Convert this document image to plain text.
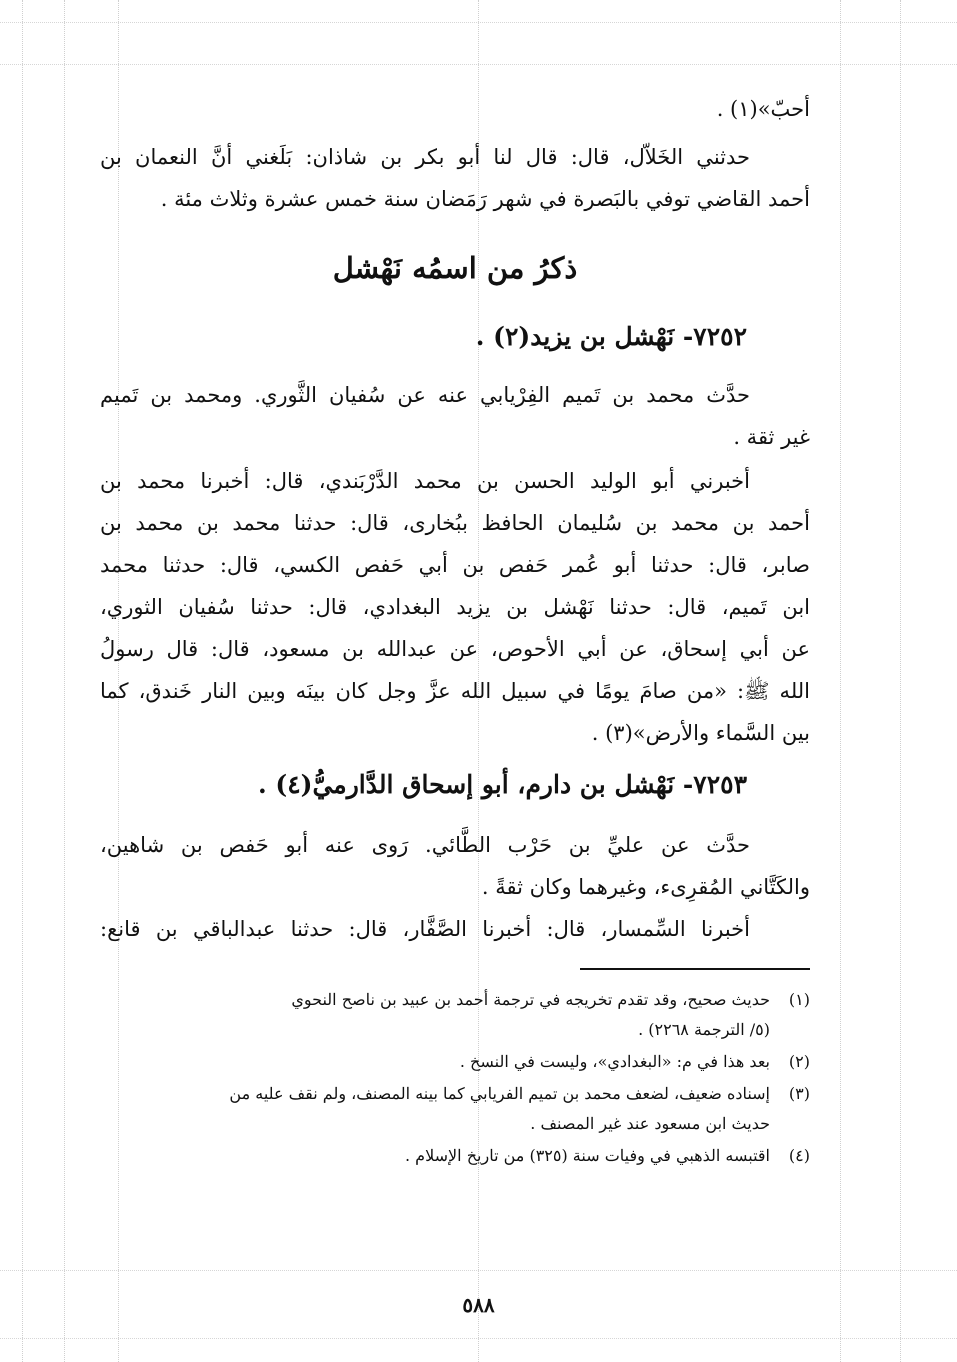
أحبّ»(١) .
حدثني الخَلاّل، قال: قال لنا أبو بكر بن شاذان: بَلَغني أنَّ النعمان بن
أحمد القاضي توفي بالبَصرة في شهر رَمَضان سنة خمس عشرة وثلاث مئة .
ذكرُ من اسمُه نَهْشل
٧٢٥٢- نَهْشل بن يزيد(٢) .
حدَّث محمد بن تَميم الفِرْيابي عنه عن سُفيان الثَّوري. ومحمد بن تَميم
غير ثقة .
أخبرني أبو الوليد الحسن بن محمد الدَّرْبَندي، قال: أخبرنا محمد بن
أحمد بن محمد بن سُليمان الحافظ ببُخارى، قال: حدثنا محمد بن محمد بن
صابر، قال: حدثنا أبو عُمر حَفص بن أبي حَفص الكسي، قال: حدثنا محمد
ابن تَميم، قال: حدثنا نَهْشل بن يزيد البغدادي، قال: حدثنا سُفيان الثوري،
عن أبي إسحاق، عن أبي الأحوص، عن عبدالله بن مسعود، قال: قال رسولُ
الله ﷺ: «من صامَ يومًا في سبيل الله عزَّ وجل كان بينَه وبين النار خَندق، كما
بين السَّماء والأرض»(٣) .
٧٢٥٣- نَهْشل بن دارم، أبو إسحاق الدَّارميُّ(٤) .
حدَّث عن عليِّ بن حَرْب الطَّائي. رَوى عنه أبو حَفص بن شاهين،
والكَتَّاني المُقرِىء، وغيرهما وكان ثقةً .
أخبرنا السِّمسار، قال: أخبرنا الصَّفَّار، قال: حدثنا عبدالباقي بن قانع:
(١)
حديث صحيح، وقد تقدم تخريجه في ترجمة أحمد بن عبيد بن ناصح النحوي
(٥/ الترجمة ٢٢٦٨) .
(٢)
بعد هذا في م: «البغدادي»، وليست في النسخ .
(٣)
إسناده ضعيف، لضعف محمد بن تميم الفريابي كما بينه المصنف، ولم نقف عليه من
حديث ابن مسعود عند غير المصنف .
(٤)
اقتبسه الذهبي في وفيات سنة (٣٢٥) من تاريخ الإسلام .
٥٨٨
